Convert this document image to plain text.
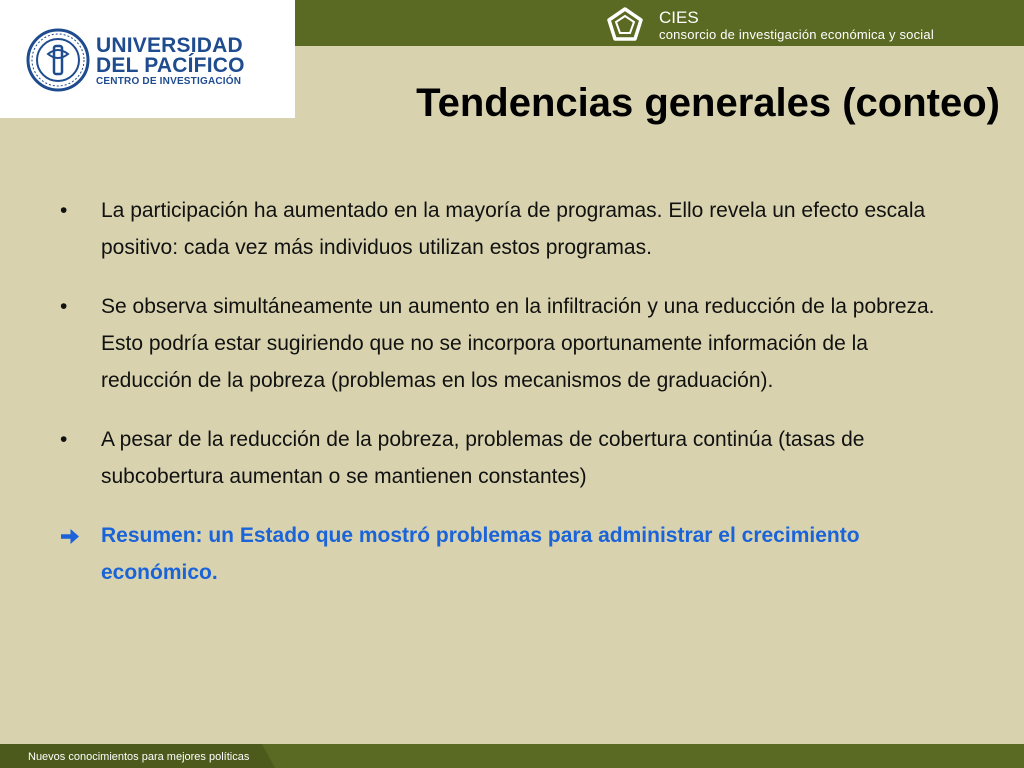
CIES
consorcio de investigación económica y social
UNIVERSIDAD
DEL PACÍFICO
CENTRO DE INVESTIGACIÓN	Tendencias generales (conteo)
• La participación ha aumentado en la mayoría de programas. Ello revela un efecto escala positivo: cada vez más individuos utilizan estos programas.
• Se observa simultáneamente un aumento en la infiltración y una reducción de la pobreza. Esto podría estar sugiriendo que no se incorpora oportunamente información de la reducción de la pobreza (problemas en los mecanismos de graduación).
• A pesar de la reducción de la pobreza, problemas de cobertura continúa (tasas de subcobertura aumentan o se mantienen constantes)
Resumen: un Estado que mostró problemas para administrar el crecimiento económico.
Nuevos conocimientos para mejores políticas
